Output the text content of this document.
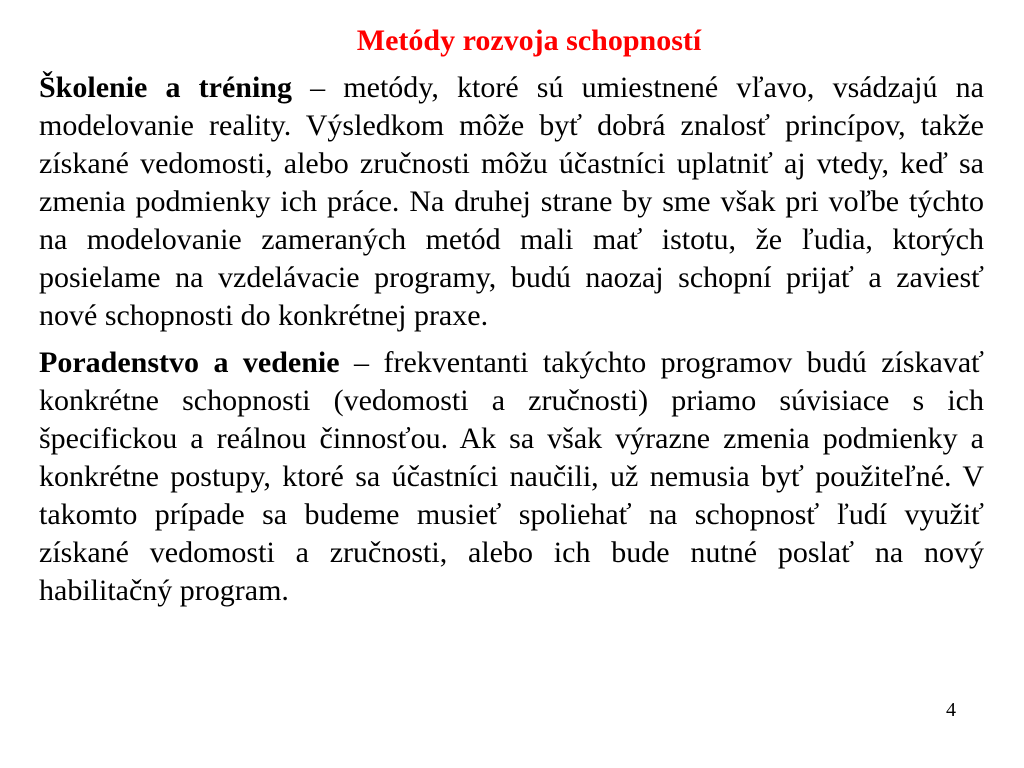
Metódy rozvoja schopností

Školenie a tréning – metódy, ktoré sú umiestnené vľavo, vsádzajú na modelovanie reality. Výsledkom môže byť dobrá znalosť princípov, takže získané vedomosti, alebo zručnosti môžu účastníci uplatniť aj vtedy, keď sa zmenia podmienky ich práce. Na druhej strane by sme však pri voľbe týchto na modelovanie zameraných metód mali mať istotu, že ľudia, ktorých posielame na vzdelávacie programy, budú naozaj schopní prijať a zaviesť nové schopnosti do konkrétnej praxe.

Poradenstvo a vedenie – frekventanti takýchto programov budú získavať konkrétne schopnosti (vedomosti a zručnosti) priamo súvisiace s ich špecifickou a reálnou činnosťou. Ak sa však výrazne zmenia podmienky a konkrétne postupy, ktoré sa účastníci naučili, už nemusia byť použiteľné. V takomto prípade sa budeme musieť spoliehať na schopnosť ľudí využiť získané vedomosti a zručnosti, alebo ich bude nutné poslať na nový habilitačný program.

4
